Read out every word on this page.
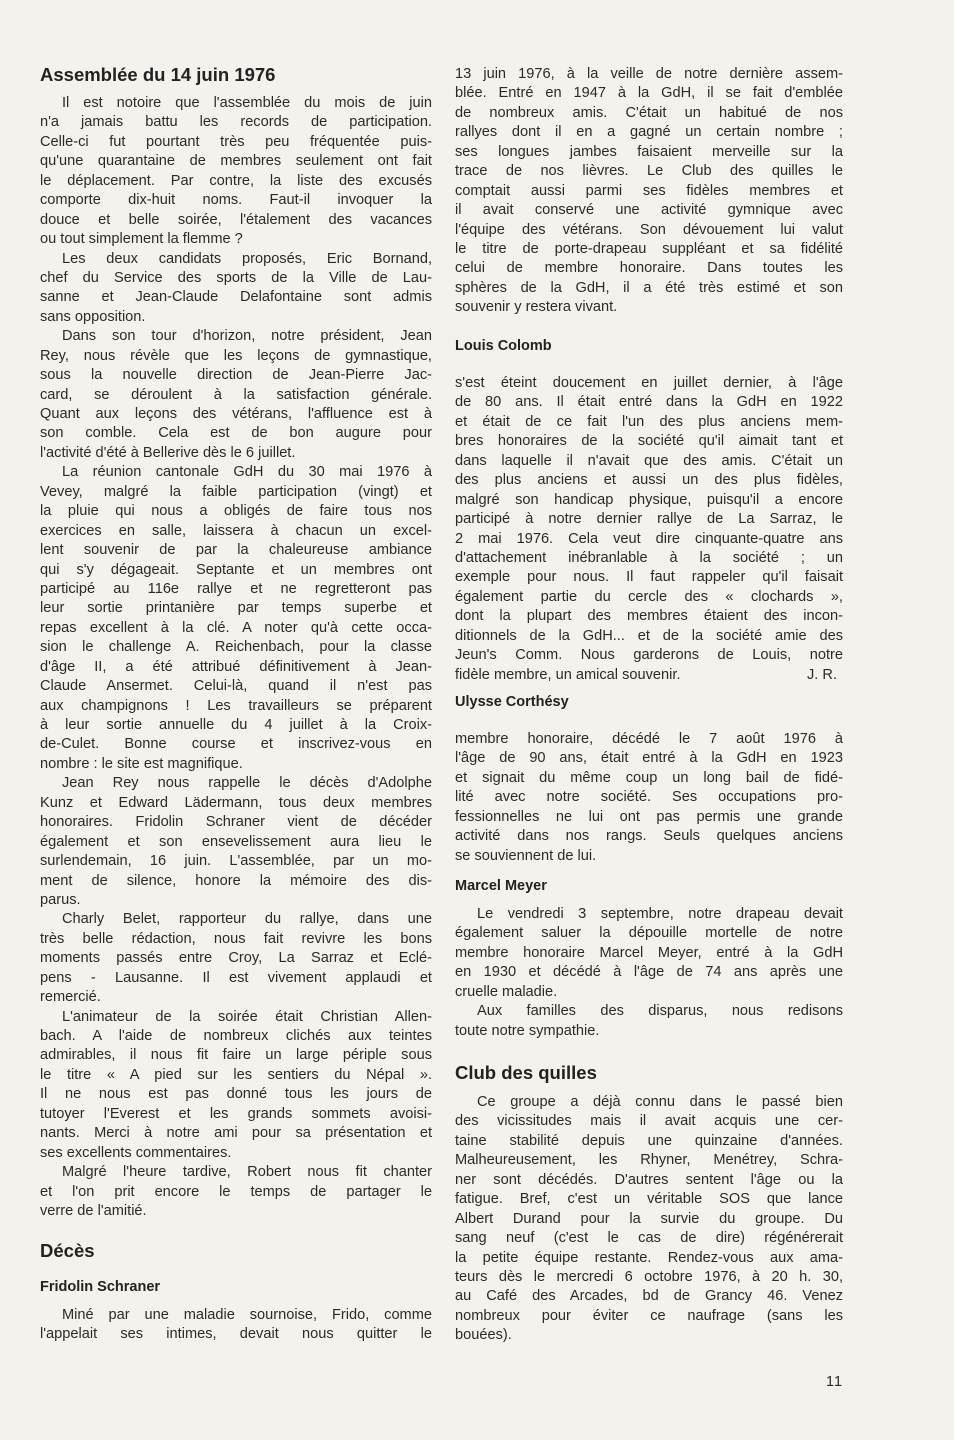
Assemblée du 14 juin 1976
Il est notoire que l'assemblée du mois de juin
n'a jamais battu les records de participation.
Celle-ci fut pourtant très peu fréquentée puis-
qu'une quarantaine de membres seulement ont fait
le déplacement. Par contre, la liste des excusés
comporte dix-huit noms. Faut-il invoquer la
douce et belle soirée, l'étalement des vacances
ou tout simplement la flemme ?
Les deux candidats proposés, Eric Bornand,
chef du Service des sports de la Ville de Lau-
sanne et Jean-Claude Delafontaine sont admis
sans opposition.
Dans son tour d'horizon, notre président, Jean
Rey, nous révèle que les leçons de gymnastique,
sous la nouvelle direction de Jean-Pierre Jac-
card, se déroulent à la satisfaction générale.
Quant aux leçons des vétérans, l'affluence est à
son comble. Cela est de bon augure pour
l'activité d'été à Bellerive dès le 6 juillet.
La réunion cantonale GdH du 30 mai 1976 à
Vevey, malgré la faible participation (vingt) et
la pluie qui nous a obligés de faire tous nos
exercices en salle, laissera à chacun un excel-
lent souvenir de par la chaleureuse ambiance
qui s'y dégageait. Septante et un membres ont
participé au 116e rallye et ne regretteront pas
leur sortie printanière par temps superbe et
repas excellent à la clé. A noter qu'à cette occa-
sion le challenge A. Reichenbach, pour la classe
d'âge II, a été attribué définitivement à Jean-
Claude Ansermet. Celui-là, quand il n'est pas
aux champignons ! Les travailleurs se préparent
à leur sortie annuelle du 4 juillet à la Croix-
de-Culet. Bonne course et inscrivez-vous en
nombre : le site est magnifique.
Jean Rey nous rappelle le décès d'Adolphe
Kunz et Edward Lädermann, tous deux membres
honoraires. Fridolin Schraner vient de décéder
également et son ensevelissement aura lieu le
surlendemain, 16 juin. L'assemblée, par un mo-
ment de silence, honore la mémoire des dis-
parus.
Charly Belet, rapporteur du rallye, dans une
très belle rédaction, nous fait revivre les bons
moments passés entre Croy, La Sarraz et Eclé-
pens - Lausanne. Il est vivement applaudi et
remercié.
L'animateur de la soirée était Christian Allen-
bach. A l'aide de nombreux clichés aux teintes
admirables, il nous fit faire un large périple sous
le titre « A pied sur les sentiers du Népal ».
Il ne nous est pas donné tous les jours de
tutoyer l'Everest et les grands sommets avoisi-
nants. Merci à notre ami pour sa présentation et
ses excellents commentaires.
Malgré l'heure tardive, Robert nous fit chanter
et l'on prit encore le temps de partager le
verre de l'amitié.
Décès
Fridolin Schraner
Miné par une maladie sournoise, Frido, comme
l'appelait ses intimes, devait nous quitter le
13 juin 1976, à la veille de notre dernière assem-
blée. Entré en 1947 à la GdH, il se fait d'emblée
de nombreux amis. C'était un habitué de nos
rallyes dont il en a gagné un certain nombre ;
ses longues jambes faisaient merveille sur la
trace de nos lièvres. Le Club des quilles le
comptait aussi parmi ses fidèles membres et
il avait conservé une activité gymnique avec
l'équipe des vétérans. Son dévouement lui valut
le titre de porte-drapeau suppléant et sa fidélité
celui de membre honoraire. Dans toutes les
sphères de la GdH, il a été très estimé et son
souvenir y restera vivant.
Louis Colomb
s'est éteint doucement en juillet dernier, à l'âge
de 80 ans. Il était entré dans la GdH en 1922
et était de ce fait l'un des plus anciens mem-
bres honoraires de la société qu'il aimait tant et
dans laquelle il n'avait que des amis. C'était un
des plus anciens et aussi un des plus fidèles,
malgré son handicap physique, puisqu'il a encore
participé à notre dernier rallye de La Sarraz, le
2 mai 1976. Cela veut dire cinquante-quatre ans
d'attachement inébranlable à la société ; un
exemple pour nous. Il faut rappeler qu'il faisait
également partie du cercle des « clochards »,
dont la plupart des membres étaient des incon-
ditionnels de la GdH... et de la société amie des
Jeun's Comm. Nous garderons de Louis, notre
fidèle membre, un amical souvenir.	J. R.
Ulysse Corthésy
membre honoraire, décédé le 7 août 1976 à
l'âge de 90 ans, était entré à la GdH en 1923
et signait du même coup un long bail de fidé-
lité avec notre société. Ses occupations pro-
fessionnelles ne lui ont pas permis une grande
activité dans nos rangs. Seuls quelques anciens
se souviennent de lui.
Marcel Meyer
Le vendredi 3 septembre, notre drapeau devait
également saluer la dépouille mortelle de notre
membre honoraire Marcel Meyer, entré à la GdH
en 1930 et décédé à l'âge de 74 ans après une
cruelle maladie.
Aux familles des disparus, nous redisons
toute notre sympathie.
Club des quilles
Ce groupe a déjà connu dans le passé bien
des vicissitudes mais il avait acquis une cer-
taine stabilité depuis une quinzaine d'années.
Malheureusement, les Rhyner, Menétrey, Schra-
ner sont décédés. D'autres sentent l'âge ou la
fatigue. Bref, c'est un véritable SOS que lance
Albert Durand pour la survie du groupe. Du
sang neuf (c'est le cas de dire) régénérerait
la petite équipe restante. Rendez-vous aux ama-
teurs dès le mercredi 6 octobre 1976, à 20 h. 30,
au Café des Arcades, bd de Grancy 46. Venez
nombreux pour éviter ce naufrage (sans les
bouées).
11
